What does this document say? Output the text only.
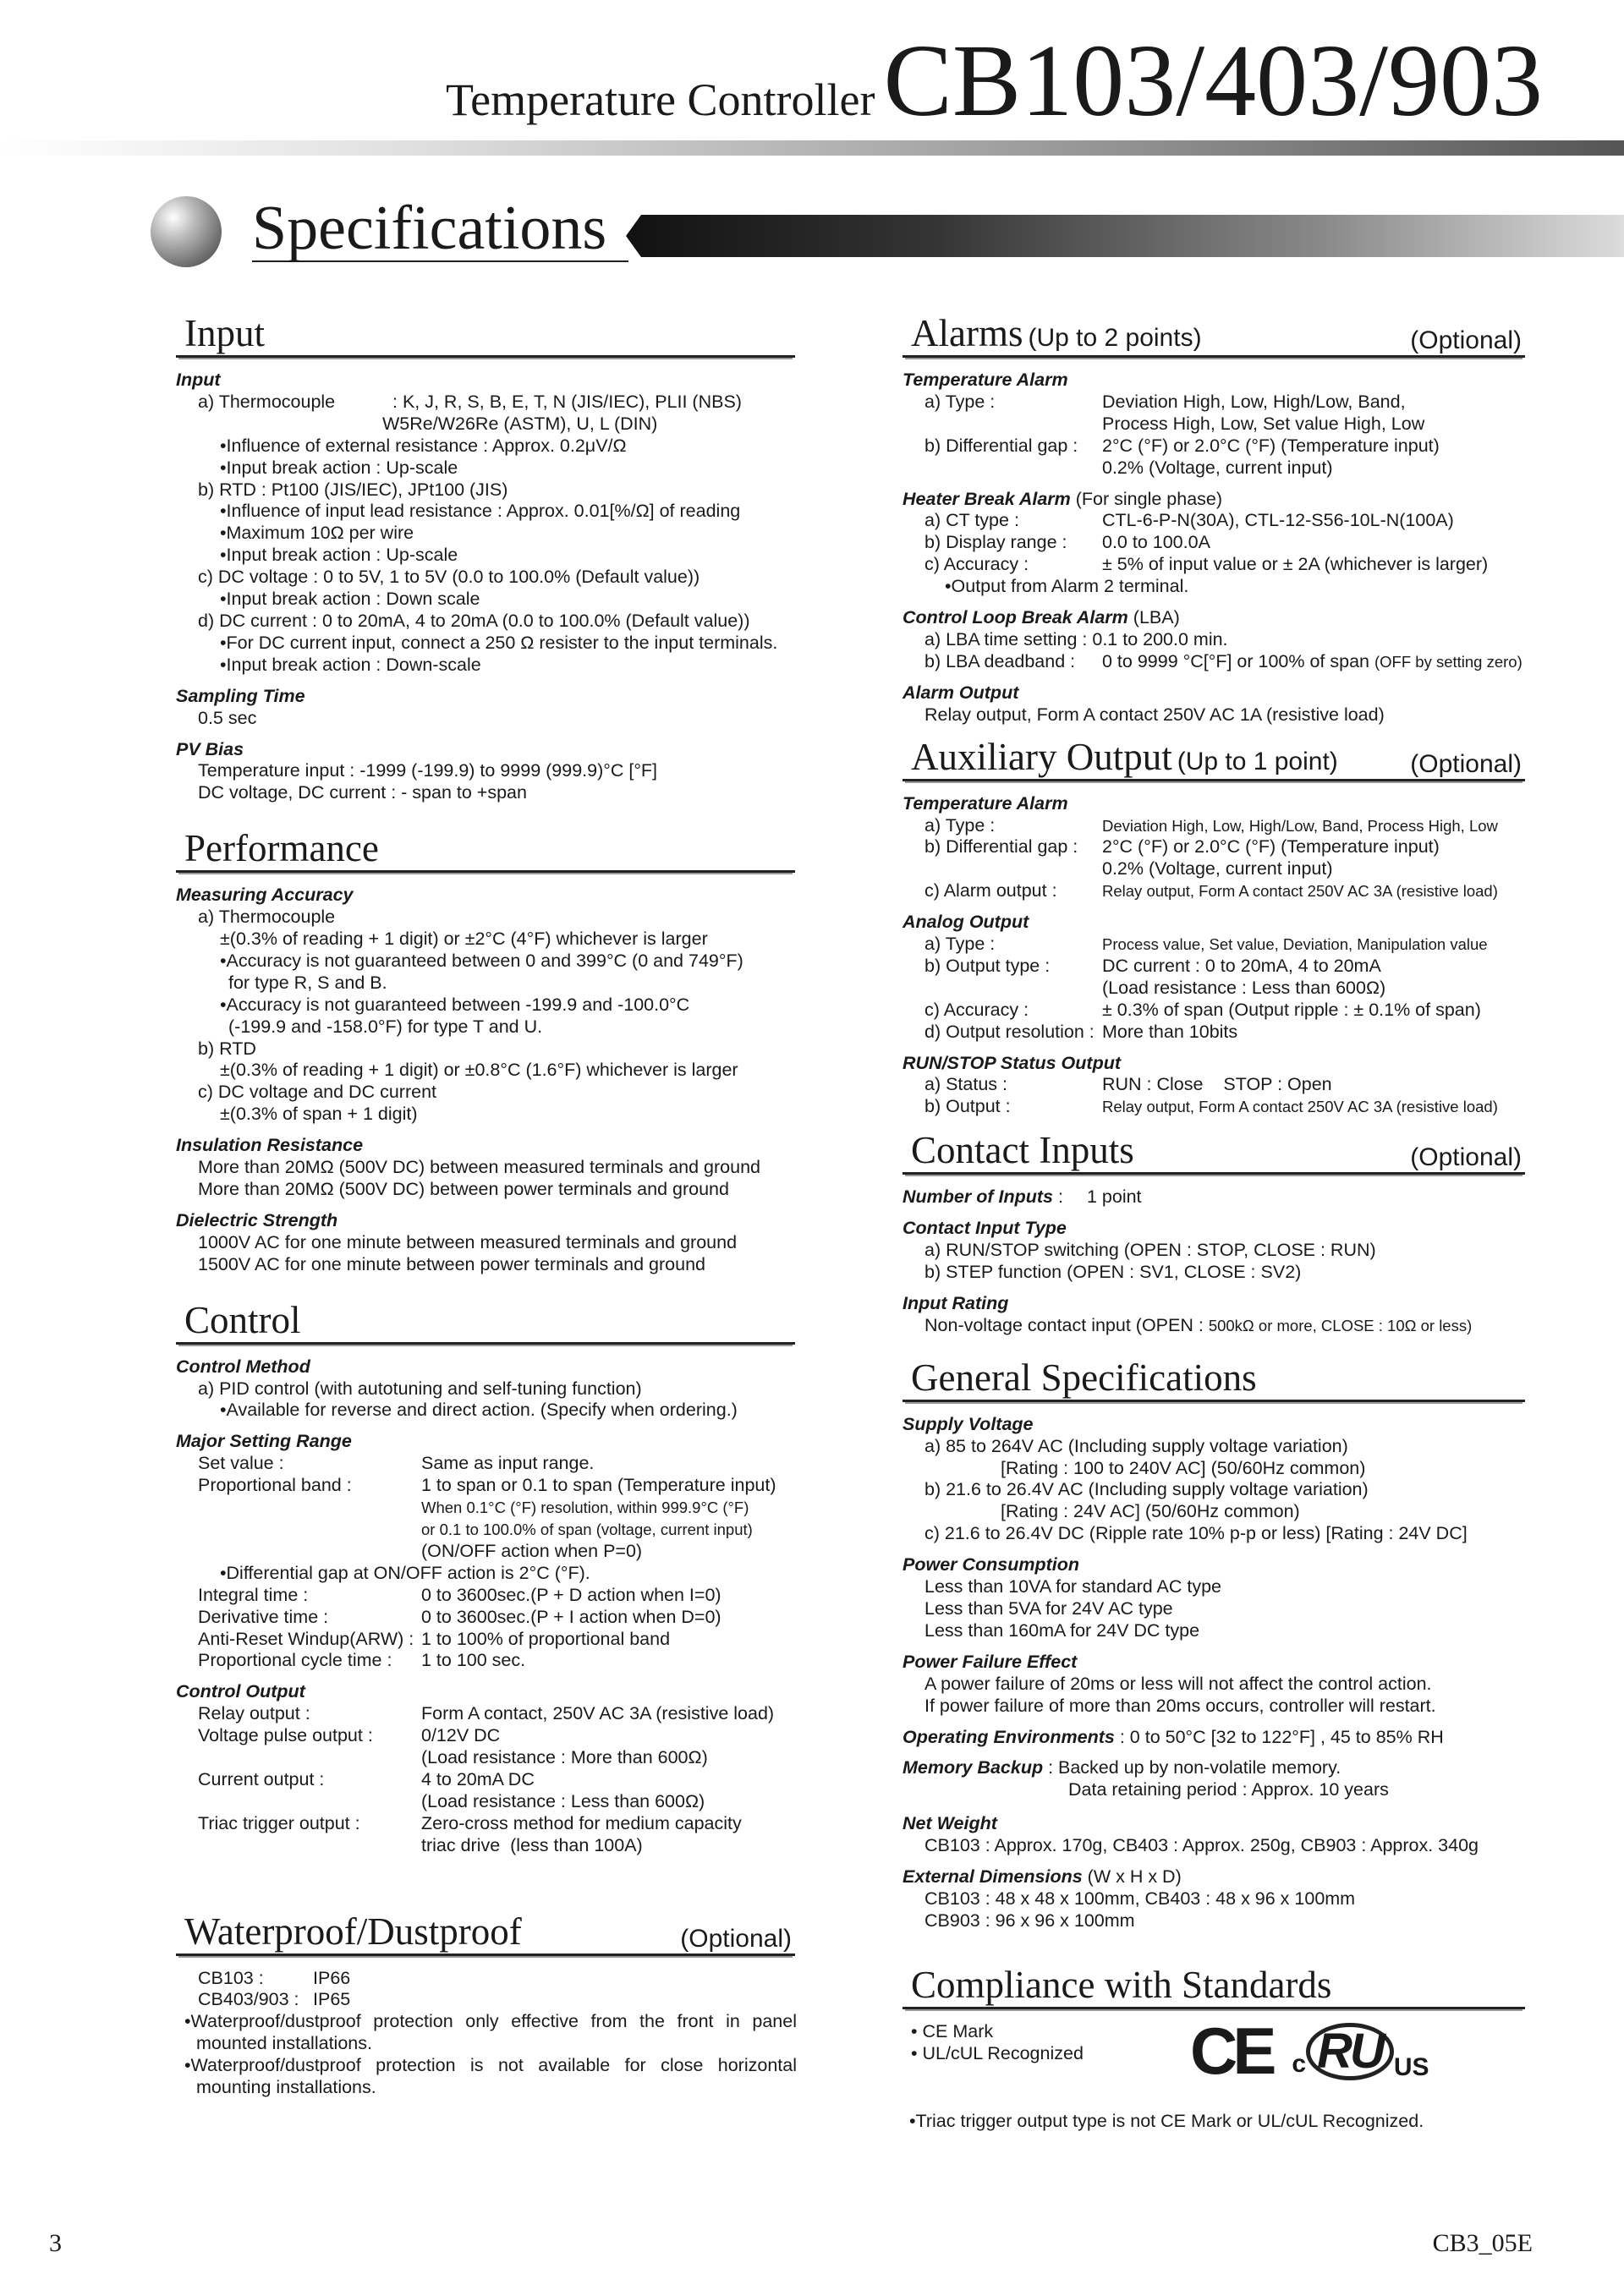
Temperature ControllerCB103/403/903
Specifications
Input
Input
a) Thermocouple	: K, J, R, S, B, E, T, N (JIS/IEC), PLII (NBS)
W5Re/W26Re (ASTM), U, L (DIN)
•Influence of external resistance : Approx. 0.2μV/Ω
•Input break action : Up-scale
b) RTD : Pt100 (JIS/IEC), JPt100 (JIS)
•Influence of input lead resistance : Approx. 0.01[%/Ω] of reading
•Maximum 10Ω per wire
•Input break action : Up-scale
c) DC voltage : 0 to 5V, 1 to 5V (0.0 to 100.0% (Default value))
•Input break action : Down scale
d) DC current : 0 to 20mA, 4 to 20mA (0.0 to 100.0% (Default value))
•For DC current input, connect a 250 Ω resister to the input terminals.
•Input break action : Down-scale
Sampling Time
0.5 sec
PV Bias
Temperature input : -1999 (-199.9) to 9999 (999.9)°C [°F]
DC voltage, DC current : - span to +span
Performance
Measuring Accuracy
a) Thermocouple
±(0.3% of reading + 1 digit) or ±2°C (4°F) whichever is larger
•Accuracy is not guaranteed between 0 and 399°C (0 and 749°F)
for type R, S and B.
•Accuracy is not guaranteed between -199.9 and -100.0°C
(-199.9 and -158.0°F) for type T and U.
b) RTD
±(0.3% of reading + 1 digit) or ±0.8°C (1.6°F) whichever is larger
c) DC voltage and DC current
±(0.3% of span + 1 digit)
Insulation Resistance
More than 20MΩ (500V DC) between measured terminals and ground
More than 20MΩ (500V DC) between power terminals and ground
Dielectric Strength
1000V AC for one minute between measured terminals and ground
1500V AC for one minute between power terminals and ground
Control
Control Method
a) PID control (with autotuning and self-tuning function)
•Available for reverse and direct action. (Specify when ordering.)
Major Setting Range
Set value :	Same as input range.
Proportional band :	1 to span or 0.1 to span (Temperature input)
When 0.1°C (°F) resolution, within 999.9°C (°F)
or 0.1 to 100.0% of span (voltage, current input)
(ON/OFF action when P=0)
•Differential gap at ON/OFF action is 2°C (°F).
Integral time :	0 to 3600sec.(P + D action when I=0)
Derivative time :	0 to 3600sec.(P + I action when D=0)
Anti-Reset Windup(ARW) : 1 to 100% of proportional band
Proportional cycle time :	1 to 100 sec.
Control Output
Relay output :	Form A contact, 250V AC 3A (resistive load)
Voltage pulse output :	0/12V DC
(Load resistance : More than 600Ω)
Current output :	4 to 20mA DC
(Load resistance : Less than 600Ω)
Triac trigger output :	Zero-cross method for medium capacity
triac drive  (less than 100A)
Waterproof/Dustproof	(Optional)
CB103 :	IP66
CB403/903 : IP65
•Waterproof/dustproof protection only effective from the front in panel mounted installations.
•Waterproof/dustproof protection is not available for close horizontal mounting installations.
Alarms (Up to 2 points)	(Optional)
Temperature Alarm
a) Type :	Deviation High, Low, High/Low, Band,
Process High, Low, Set value High, Low
b) Differential gap :	2°C (°F) or 2.0°C (°F) (Temperature input)
0.2% (Voltage, current input)
Heater Break Alarm (For single phase)
a) CT type :	CTL-6-P-N(30A), CTL-12-S56-10L-N(100A)
b) Display range :	0.0 to 100.0A
c) Accuracy :	± 5% of input value or ± 2A (whichever is larger)
•Output from Alarm 2 terminal.
Control Loop Break Alarm (LBA)
a) LBA time setting : 0.1 to 200.0 min.
b) LBA deadband :	0 to 9999 °C[°F] or 100% of span
(OFF by setting zero)
Alarm Output
Relay output, Form A contact 250V AC 1A (resistive load)
Auxiliary Output (Up to 1 point)	(Optional)
Temperature Alarm
a) Type :	Deviation High, Low, High/Low, Band, Process High, Low
b) Differential gap :	2°C (°F) or 2.0°C (°F) (Temperature input)
0.2% (Voltage, current input)
c) Alarm output :	Relay output, Form A contact 250V AC 3A (resistive load)
Analog Output
a) Type :	Process value, Set value, Deviation, Manipulation value
b) Output type :	DC current : 0 to 20mA, 4 to 20mA
(Load resistance : Less than 600Ω)
c) Accuracy :	± 0.3% of span (Output ripple : ± 0.1% of span)
d) Output resolution : More than 10bits
RUN/STOP Status Output
a) Status :	RUN : Close    STOP : Open
b) Output :	Relay output, Form A contact 250V AC 3A (resistive load)
Contact Inputs	(Optional)
Number of Inputs :	1 point
Contact Input Type
a) RUN/STOP switching (OPEN : STOP, CLOSE : RUN)
b) STEP function (OPEN : SV1, CLOSE : SV2)
Input Rating
Non-voltage contact input (OPEN : 500kΩ or more, CLOSE : 10Ω or less)
General Specifications
Supply Voltage
a) 85 to 264V AC (Including supply voltage variation)
[Rating : 100 to 240V AC] (50/60Hz common)
b) 21.6 to 26.4V AC (Including supply voltage variation)
[Rating : 24V AC] (50/60Hz common)
c) 21.6 to 26.4V DC (Ripple rate 10% p-p or less) [Rating : 24V DC]
Power Consumption
Less than 10VA for standard AC type
Less than 5VA for 24V AC type
Less than 160mA for 24V DC type
Power Failure Effect
A power failure of 20ms or less will not affect the control action.
If power failure of more than 20ms occurs, controller will restart.
Operating Environments : 0 to 50°C [32 to 122°F] , 45 to 85% RH
Memory Backup : Backed up by non-volatile memory.
Data retaining period : Approx. 10 years
Net Weight
CB103 : Approx. 170g, CB403 : Approx. 250g, CB903 : Approx. 340g
External Dimensions (W x H x D)
CB103 : 48 x 48 x 100mm, CB403 : 48 x 96 x 100mm
CB903 : 96 x 96 x 100mm
Compliance with Standards
• CE Mark
• UL/cUL Recognized	CE c RU US
•Triac trigger output type is not CE Mark or UL/cUL Recognized.
3	CB3_05E
